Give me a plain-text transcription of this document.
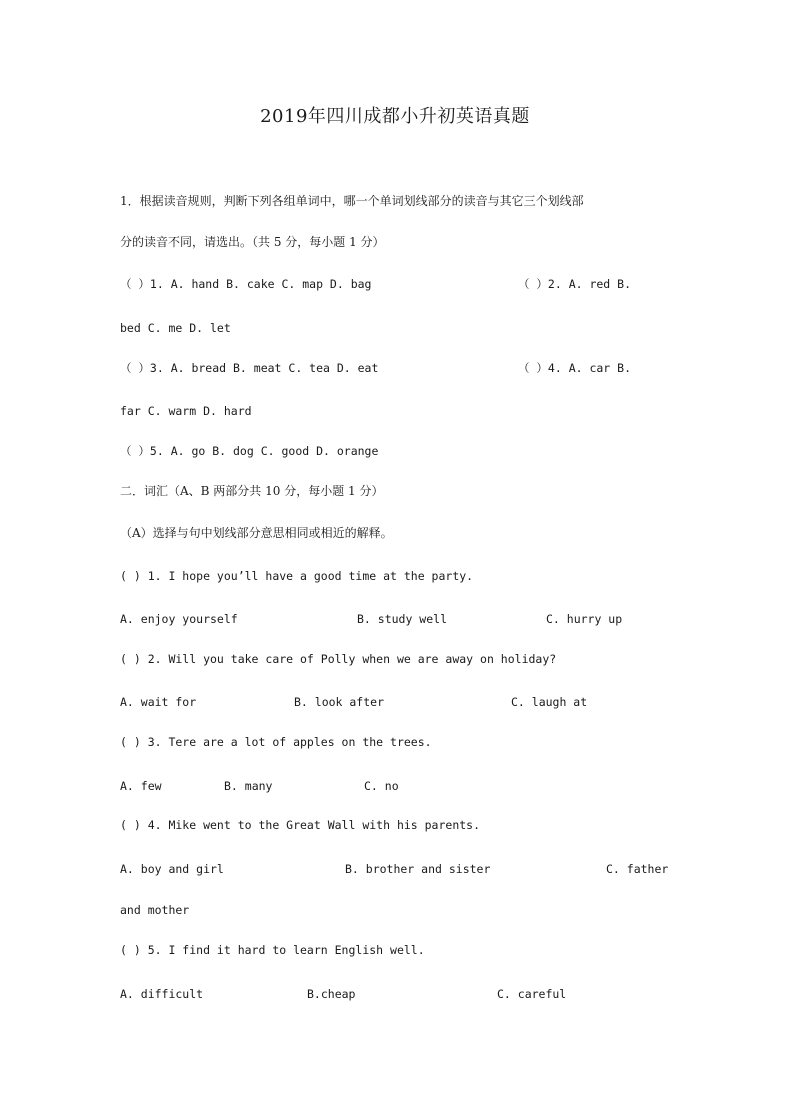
2019年四川成都小升初英语真题
1．根据读音规则，判断下列各组单词中，哪一个单词划线部分的读音与其它三个划线部
分的读音不同，请选出。（共 5 分，每小题 1 分）
（ ）1. A. hand B. cake C. map D. bag	（ ）2. A. red B.
bed C. me D. let
（ ）3. A. bread B. meat C. tea D. eat	（ ）4. A. car B.
far C. warm D. hard
（ ）5. A. go B. dog C. good D. orange
二．词汇（A、B 两部分共 10 分，每小题 1 分）
（A）选择与句中划线部分意思相同或相近的解释。
( ) 1. I hope you’ll have a good time at the party.
A. enjoy yourself	B. study well	C. hurry up
( ) 2. Will you take care of Polly when we are away on holiday?
A. wait for	B. look after	C. laugh at
( ) 3. Tere are a lot of apples on the trees.
A. few	B. many	C. no
( ) 4. Mike went to the Great Wall with his parents.
A. boy and girl	B. brother and sister	C. father
and mother
( ) 5. I find it hard to learn English well.
A. difficult	B.cheap	C. careful
